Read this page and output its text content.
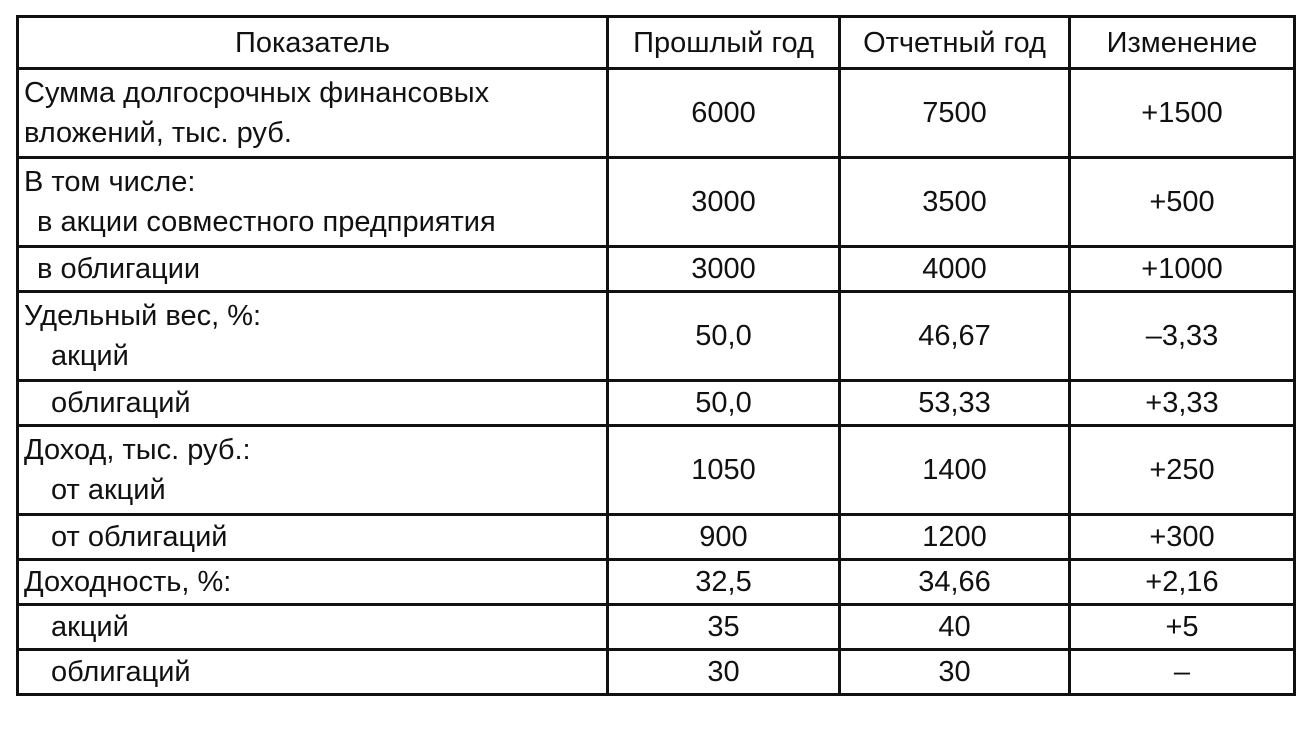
Показатель	Прошлый год	Отчетный год	Изменение

Сумма долгосрочных финансовых
вложений, тыс. руб.	6000	7500	+1500

В том числе:
в акции совместного предприятия	3000	3500	+500

в облигации	3000	4000	+1000

Удельный вес, %:
акций	50,0	46,67	–3,33

облигаций	50,0	53,33	+3,33

Доход, тыс. руб.:
от акций	1050	1400	+250

от облигаций	900	1200	+300

Доходность, %:	32,5	34,66	+2,16

акций	35	40	+5

облигаций	30	30	–
